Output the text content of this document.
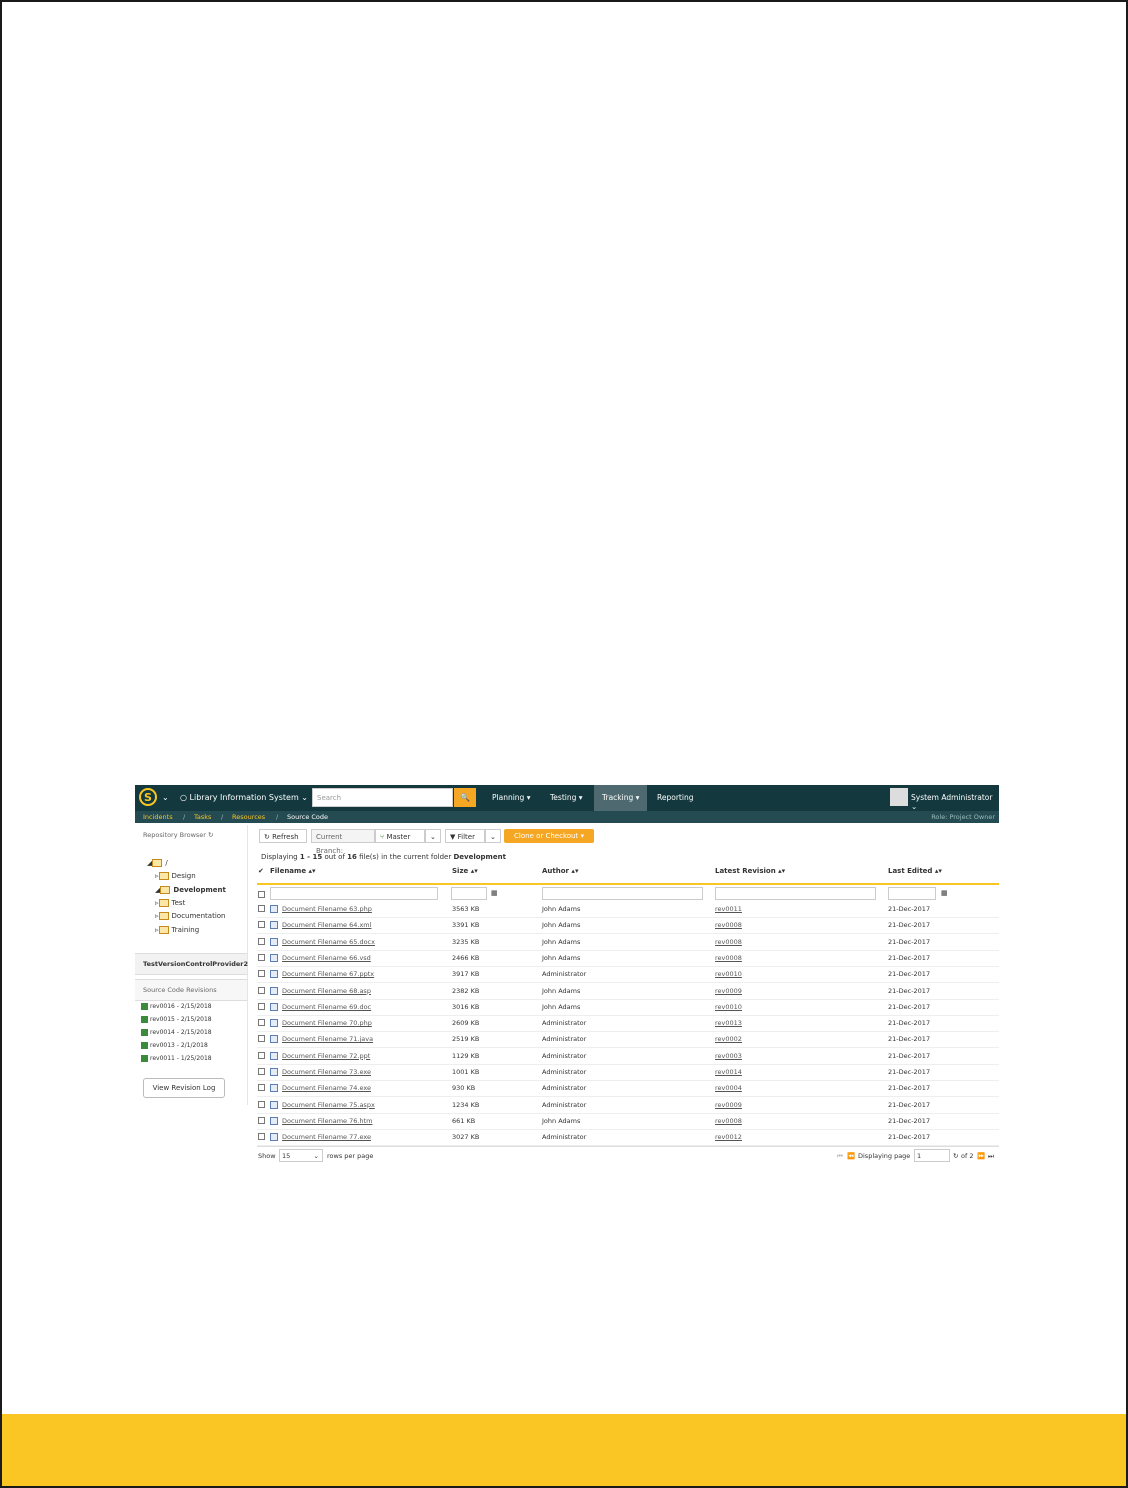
S	⌄ ○ Library Information System ⌄	Search	🔍	Planning ▾	Testing ▾	Tracking ▾	Reporting	System Administrator ⌄
Incidents / Tasks / Resources / Source Code	Role: Project Owner
Repository Browser ↻
◢ /
▹ Design
◢ Development
▹ Test
▹ Documentation
▹ Training
TestVersionControlProvider2
Source Code Revisions
rev0016 - 2/15/2018
rev0015 - 2/15/2018
rev0014 - 2/15/2018
rev0013 - 2/1/2018
rev0011 - 1/25/2018
View Revision Log
↻ Refresh	Current Branch:
⑂ Master	⌄	▼ Filter	⌄	Clone or Checkout ▾
Displaying 1 - 15 out of 16 file(s) in the current folder Development
✔ Filename ▴▾	Size ▴▾	Author ▴▾	Latest Revision ▴▾	Last Edited ▴▾
▦	▦
Document Filename 63.php	3563 KB	John Adams	rev0011	21-Dec-2017
Document Filename 64.xml	3391 KB	John Adams	rev0008	21-Dec-2017
Document Filename 65.docx	3235 KB	John Adams	rev0008	21-Dec-2017
Document Filename 66.vsd	2466 KB	John Adams	rev0008	21-Dec-2017
Document Filename 67.pptx	3917 KB	Administrator	rev0010	21-Dec-2017
Document Filename 68.asp	2382 KB	John Adams	rev0009	21-Dec-2017
Document Filename 69.doc	3016 KB	John Adams	rev0010	21-Dec-2017
Document Filename 70.php	2609 KB	Administrator	rev0013	21-Dec-2017
Document Filename 71.java	2519 KB	Administrator	rev0002	21-Dec-2017
Document Filename 72.ppt	1129 KB	Administrator	rev0003	21-Dec-2017
Document Filename 73.exe	1001 KB	Administrator	rev0014	21-Dec-2017
Document Filename 74.exe	930 KB	Administrator	rev0004	21-Dec-2017
Document Filename 75.aspx	1234 KB	Administrator	rev0009	21-Dec-2017
Document Filename 76.htm	661 KB	John Adams	rev0008	21-Dec-2017
Document Filename 77.exe	3027 KB	Administrator	rev0012	21-Dec-2017
Show 15	⌄ rows per page	⏮ ⏪ Displaying page	1	↻ of 2 ⏩ ⏭
